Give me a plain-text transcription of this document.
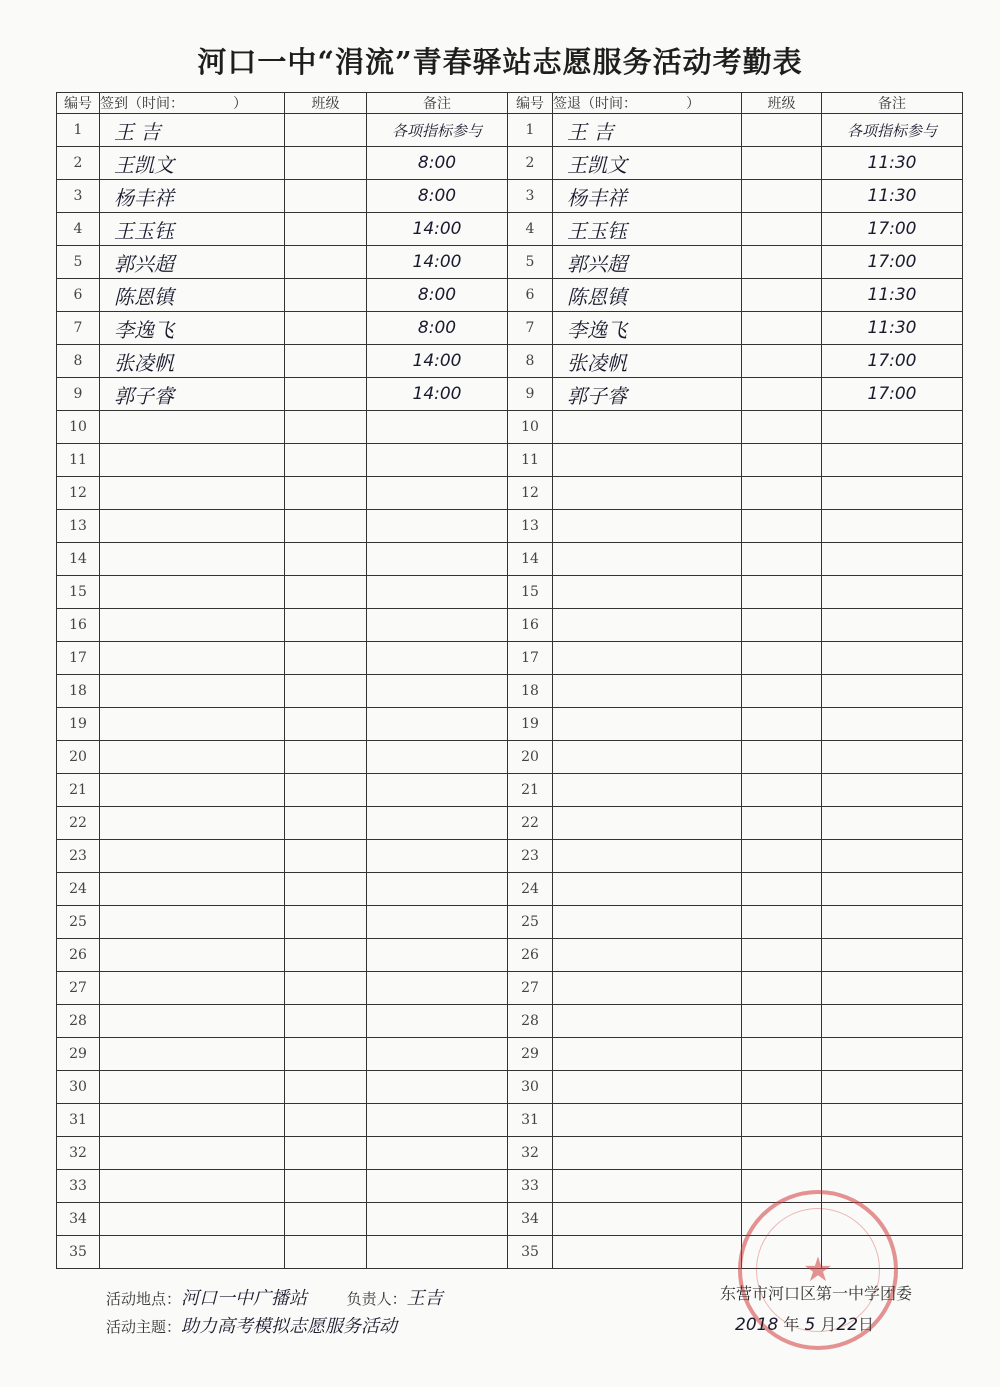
河口一中“涓流”青春驿站志愿服务活动考勤表
编号	签到（时间：　　　　）	班级	备注
1	王 吉		各项指标参与
2	王凯文		8:00
3	杨丰祥		8:00
4	王玉钰		14:00
5	郭兴超		14:00
6	陈恩镇		8:00
7	李逸飞		8:00
8	张凌帆		14:00
9	郭子睿		14:00
10			
11			
12			
13			
14			
15			
16			
17			
18			
19			
20			
21			
22			
23			
24			
25			
26			
27			
28			
29			
30			
31			
32			
33			
34			
35			
编号	签退（时间：　　　　）	班级	备注
1	王 吉		各项指标参与
2	王凯文		11:30
3	杨丰祥		11:30
4	王玉钰		17:00
5	郭兴超		17:00
6	陈恩镇		11:30
7	李逸飞		11:30
8	张凌帆		17:00
9	郭子睿		17:00
10			
11			
12			
13			
14			
15			
16			
17			
18			
19			
20			
21			
22			
23			
24			
25			
26			
27			
28			
29			
30			
31			
32			
33			
34			
35			
活动地点：河口一中广播站	负责人：王吉
活动主题：助力高考模拟志愿服务活动
★
东营市河口区第一中学团委
2018 年 5 月22日
